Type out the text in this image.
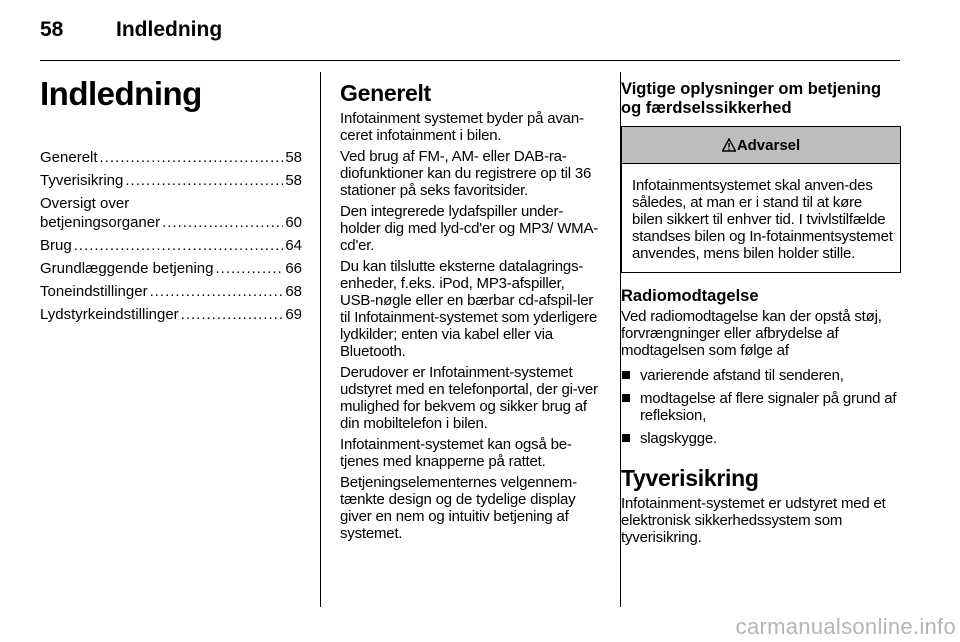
58	Indledning
Indledning
Generelt .....	58
Tyverisikring .....	58
Oversigt over
betjeningsorganer .....	60
Brug .....	64
Grundlæggende betjening .....	66
Toneindstillinger .....	68
Lydstyrkeindstillinger .....	69
Generelt

Infotainment systemet byder på avan-ceret infotainment i bilen.

Ved brug af FM-, AM- eller DAB-ra-diofunktioner kan du registrere op til 36 stationer på seks favoritsider.

Den integrerede lydafspiller under-holder dig med lyd-cd'er og MP3/ WMA-cd'er.

Du kan tilslutte eksterne datalagrings-enheder, f.eks. iPod, MP3-afspiller, USB-nøgle eller en bærbar cd-afspil-ler til Infotainment-systemet som yderligere lydkilder; enten via kabel eller via Bluetooth.

Derudover er Infotainment-systemet udstyret med en telefonportal, der gi-ver mulighed for bekvem og sikker brug af din mobiltelefon i bilen.

Infotainment-systemet kan også be-tjenes med knapperne på rattet.

Betjeningselementernes velgennem-tænkte design og de tydelige display giver en nem og intuitiv betjening af systemet.

Vigtige oplysninger om betjening og færdselssikkerhed
Advarsel
Infotainmentsystemet skal anven-des således, at man er i stand til at køre bilen sikkert til enhver tid. I tvivlstilfælde standses bilen og In-fotainmentsystemet anvendes, mens bilen holder stille.
Radiomodtagelse

Ved radiomodtagelse kan der opstå støj, forvrængninger eller afbrydelse af modtagelsen som følge af

varierende afstand til senderen,
modtagelse af flere signaler på grund af refleksion,
slagskygge.
Tyverisikring

Infotainment-systemet er udstyret med et elektronisk sikkerhedssystem som tyverisikring.

carmanualsonline.info
